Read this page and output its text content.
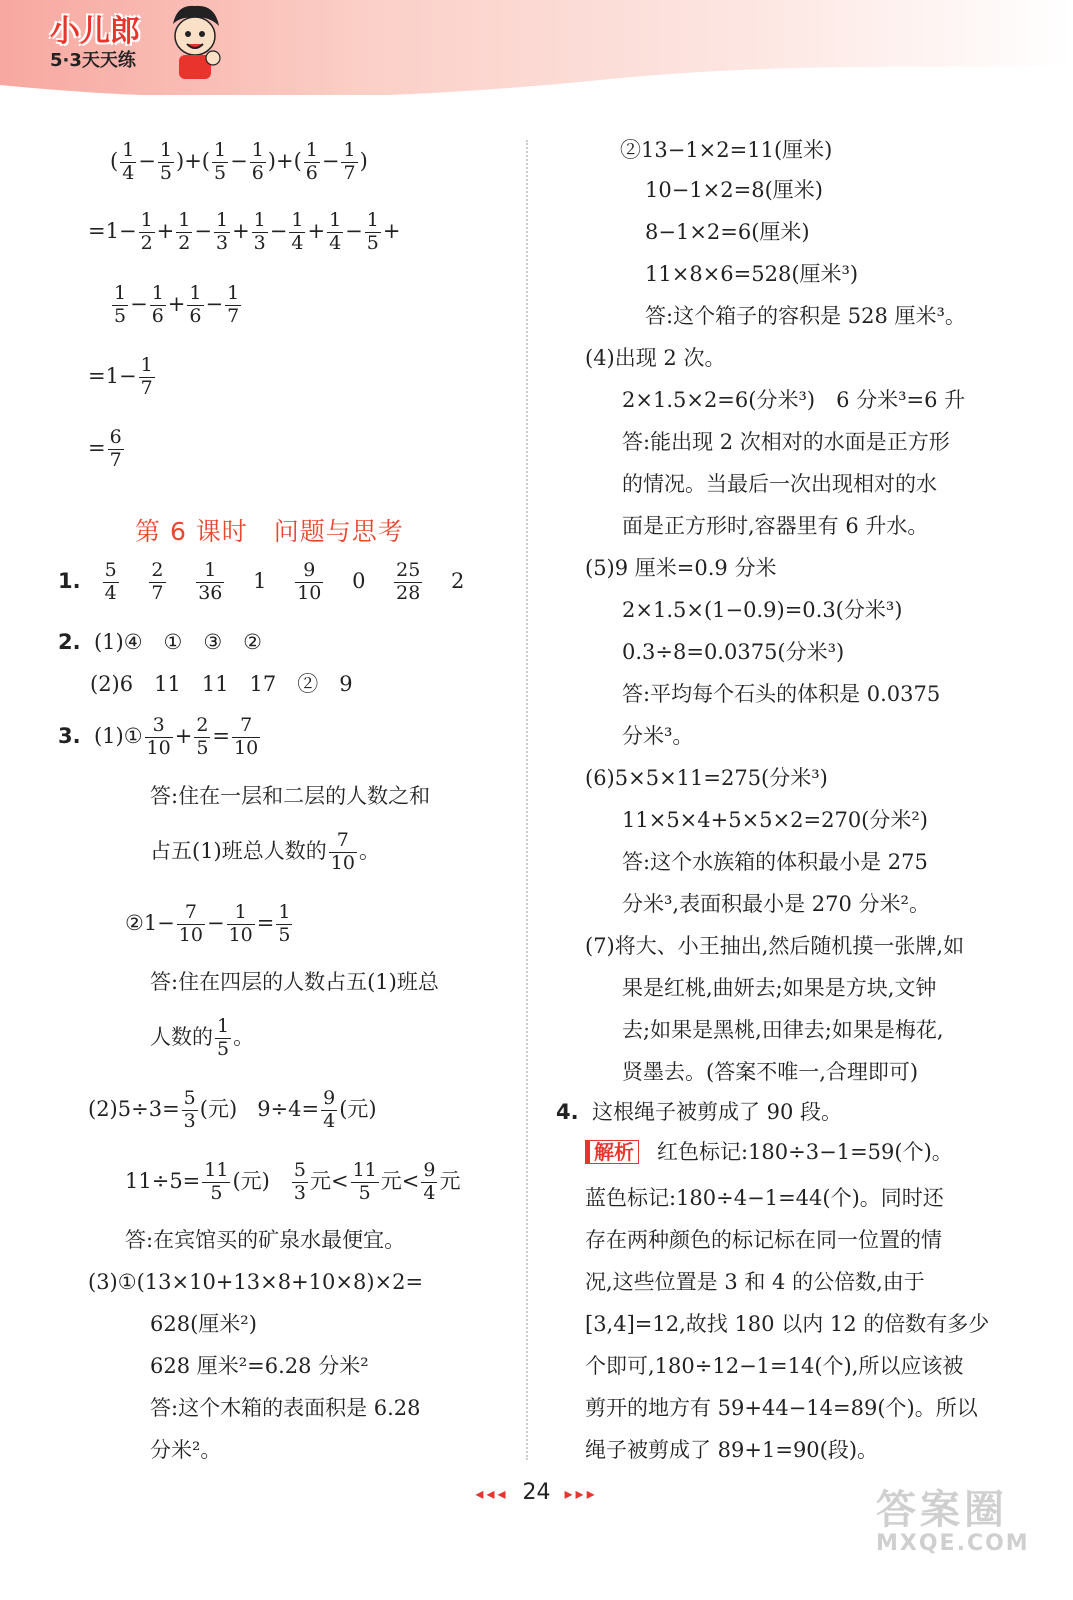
小儿郎
5·3天天练
( $\frac{1}{4} - \frac{1}{5}$ )+( $\frac{1}{5} - \frac{1}{6}$ )+( $\frac{1}{6} - \frac{1}{7}$ )
$=1- \frac{1}{2} + \frac{1}{2} - \frac{1}{3} + \frac{1}{3} - \frac{1}{4} + \frac{1}{4} - \frac{1}{5}$ +
$\frac{1}{5} - \frac{1}{6} + \frac{1}{6} - \frac{1}{7}$
$=1- \frac{1}{7}$
= $\frac{6}{7}$
第 6 课时　问题与思考
1. $\frac{5}{4}$
$\frac{2}{7}$
$\frac{1}{36} 1 \frac{9}{10} 0 \frac{25}{28} 2$
2. (1)④　①　③　②
(2)6　11　11　17　②　9
3. (1)① $\frac{3}{10} + \frac{2}{5} = \frac{7}{10}$
答:住在一层和二层的人数之和
占五(1)班总人数的 $\frac{7}{10}$ 。
②1− $\frac{7}{10} - \frac{1}{10} = \frac{1}{5}$
答:住在四层的人数占五(1)班总
人数的 $\frac{1}{5}$ 。
$(2)5\div 3= \frac{5}{3}$ (元) $9\div 4= \frac{9}{4}$ (元)
$11\div 5= \frac{11}{5}$ (元) $\frac{5}{3}$ 元< $\frac{11}{5}$ 元< $\frac{9}{4}$ 元
答:在宾馆买的矿泉水最便宜。
(3)①(13×10+13×8+10×8)×2=
628(厘米²)
628 厘米²=6.28 分米²
答:这个木箱的表面积是 6.28
分米²。
②13−1×2=11(厘米)
10−1×2=8(厘米)
8−1×2=6(厘米)
11×8×6=528(厘米³)
答:这个箱子的容积是 528 厘米³。
(4)出现 2 次。
2×1.5×2=6(分米³)　6 分米³=6 升
答:能出现 2 次相对的水面是正方形
的情况。当最后一次出现相对的水
面是正方形时,容器里有 6 升水。
(5)9 厘米=0.9 分米
2×1.5×(1−0.9)=0.3(分米³)
0.3÷8=0.0375(分米³)
答:平均每个石头的体积是 0.0375
分米³。
(6)5×5×11=275(分米³)
11×5×4+5×5×2=270(分米²)
答:这个水族箱的体积最小是 275
分米³,表面积最小是 270 分米²。
(7)将大、小王抽出,然后随机摸一张牌,如
果是红桃,曲妍去;如果是方块,文钟
去;如果是黑桃,田律去;如果是梅花,
贤墨去。(答案不唯一,合理即可)
4. 这根绳子被剪成了 90 段。
解析 红色标记:180÷3−1=59(个)。
蓝色标记:180÷4−1=44(个)。同时还
存在两种颜色的标记标在同一位置的情
况,这些位置是 3 和 4 的公倍数,由于
[3,4]=12,故找 180 以内 12 的倍数有多少
个即可,180÷12−1=14(个),所以应该被
剪开的地方有 59+44−14=89(个)。所以
绳子被剪成了 89+1=90(段)。
◂◂◂ 24 ▸▸▸	答案圈
MXQE.COM
